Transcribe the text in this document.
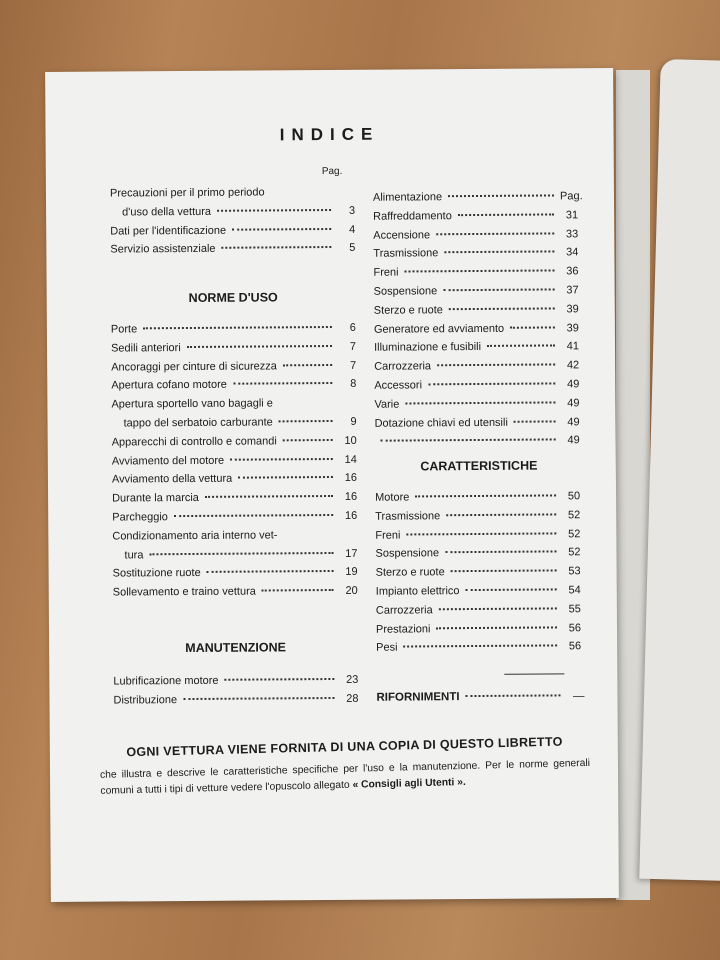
INDICE
Pag.
Precauzioni per il primo periodo
d'uso della vettura	3
Dati per l'identificazione	4
Servizio assistenziale	5
NORME D'USO
Porte	6
Sedili anteriori	7
Ancoraggi per cinture di sicurezza	7
Apertura cofano motore	8
Apertura sportello vano bagagli e
tappo del serbatoio carburante	9
Apparecchi di controllo e comandi	10
Avviamento del motore	14
Avviamento della vettura	16
Durante la marcia	16
Parcheggio	16
Condizionamento aria interno vet-
tura	17
Sostituzione ruote	19
Sollevamento e traino vettura	20
MANUTENZIONE
Lubrificazione motore	23
Distribuzione	28
Alimentazione	Pag.
Raffreddamento	31
Accensione	33
Trasmissione	34
Freni	36
Sospensione	37
Sterzo e ruote	39
Generatore ed avviamento	39
Illuminazione e fusibili	41
Carrozzeria	42
Accessori	49
Varie	49
Dotazione chiavi ed utensili	49
49
CARATTERISTICHE
Motore	50
Trasmissione	52
Freni	52
Sospensione	52
Sterzo e ruote	53
Impianto elettrico	54
Carrozzeria	55
Prestazioni	56
Pesi	56
RIFORNIMENTI	—
OGNI VETTURA VIENE FORNITA DI UNA COPIA DI QUESTO LIBRETTO
che illustra e descrive le caratteristiche specifiche per l'uso e la manutenzione. Per le norme generali comuni a tutti i tipi di vetture vedere l'opuscolo allegato « Consigli agli Utenti ».
